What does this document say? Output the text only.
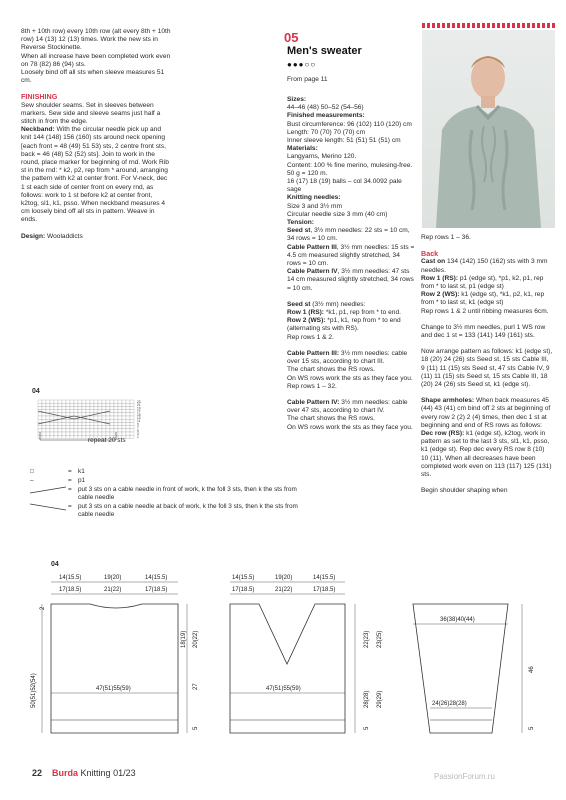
8th + 10th row) every 10th row (alt every 8th + 10th row) 14 (13) 12 (13) times. Work the new sts in Reverse Stockinette.
When all increase have been completed work even on 78 (82) 86 (94) sts.
Loosely bind off all sts when sleeve measures 51 cm.

FINISHING

Sew shoulder seams. Set in sleeves between markers. Sew side and sleeve seams just half a stitch in from the edge.
Neckband: With the circular needle pick up and knit 144 (148) 156 (160) sts around neck opening [each front = 48 (49) 51 53) sts, 2 centre front sts, back = 46 (48) 52 (52) sts]. Join to work in the round, place marker for beginning of rnd. Work Rib st in the rnd: * k2, p2, rep from * around, arranging the pattern with k2 at center front. For V-neck, dec 1 st each side of center front on every rnd, as follows: work to 1 st before k2 at center front, k2tog, sl1, k1, psso. When neckband measures 4 cm loosely bind off all sts in pattern. Weave in ends.

Design: Wooladdicts

05
Men's sweater
●●●○○
From page 11

Sizes:
44–46 (48) 50–52 (54–56)
Finished measurements:
Bust circumference: 96 (102) 110 (120) cm
Length: 70 (70) 70 (70) cm
Inner sleeve length: 51 (51) 51 (51) cm
Materials:
Langyarns, Merino 120.
Content: 100 % fine merino, mulesing-free.
50 g = 120 m.
16 (17) 18 (19) balls – col 34.0092 pale sage
Knitting needles:
Size 3 and 3½ mm
Circular needle size 3 mm (40 cm)
Tension:
Seed st, 3½ mm needles: 22 sts = 10 cm, 34 rows = 10 cm.
Cable Pattern III, 3½ mm needles: 15 sts = 4.5 cm measured slightly stretched, 34 rows = 10 cm.
Cable Pattern IV, 3½ mm needles: 47 sts 14 cm measured slightly stretched, 34 rows = 10 cm.

Seed st (3½ mm) needles:
Row 1 (RS): *k1, p1, rep from * to end.
Row 2 (WS): *p1, k1, rep from * to end (alternating sts with RS).
Rep rows 1 & 2.

Cable Pattern III: 3½ mm needles: cable over 15 sts, according to chart III.
The chart shows the RS rows.
On WS rows work the sts as they face you.
Rep rows 1 – 32.

Cable Pattern IV: 3½ mm needles: cable over 47 sts, according to chart IV.
The chart shows the RS rows.
On WS rows work the sts as they face you.

Rep rows 1 – 36.

Back

Cast on 134 (142) 150 (162) sts with 3 mm needles.
Row 1 (RS): p1 (edge st), *p1, k2, p1, rep from * to last st, p1 (edge st)
Row 2 (WS): k1 (edge st), *k1, p2, k1, rep from * to last st, k1 (edge st)
Rep rows 1 & 2 until ribbing measures 6cm.

Change to 3½ mm needles, purl 1 WS row and dec 1 st = 133 (141) 149 (161) sts.

Now arrange pattern as follows: k1 (edge st), 18 (20) 24 (26) sts Seed st, 15 sts Cable III, 9 (11) 11 (15) sts Seed st, 47 sts Cable IV, 9 (11) 11 (15) sts Seed st, 15 sts Cable III, 18 (20) 24 (26) sts Seed st, k1 (edge st).

Shape armholes: When back measures 45 (44) 43 (41) cm bind off 2 sts at beginning of every row 2 (2) 2 (4) times, then dec 1 st at beginning and end of RS rows as follows: Dec row (RS): k1 (edge st), k2tog, work in pattern as set to the last 3 sts, sl1, k1, psso, k1 (edge st). Rep dec every RS row 8 (10) 10 (11). When all decreases have been completed work even on 113 (117) 125 (131) sts.

Begin shoulder shaping when

04
23
21
19
17
15
13
11
9
7
5
3
1
repeat 20 sts
□	= k1
–	= p1
= put 3 sts on a cable needle in front of work, k the foll 3 sts, then k the sts from cable needle
= put 3 sts on a cable needle at back of work, k the foll 3 sts, then k the sts from cable needle
04
14(15.5)	19(20)	14(15.5)
17(18.5)	21(22)	17(18.5)
47(51)55(59)
50(51)52(54)
2
18(19) 20(22)
27
5
14(15.5)	19(20)	14(15.5)
17(18.5)	21(22)	17(18.5)
47(51)55(59)
22(23) 23(25)
28(28) 29(29)
5
36(38)40(44)
24(26)28(28)
46
5
22 Burda Knitting 01/23	PassionForum.ru
